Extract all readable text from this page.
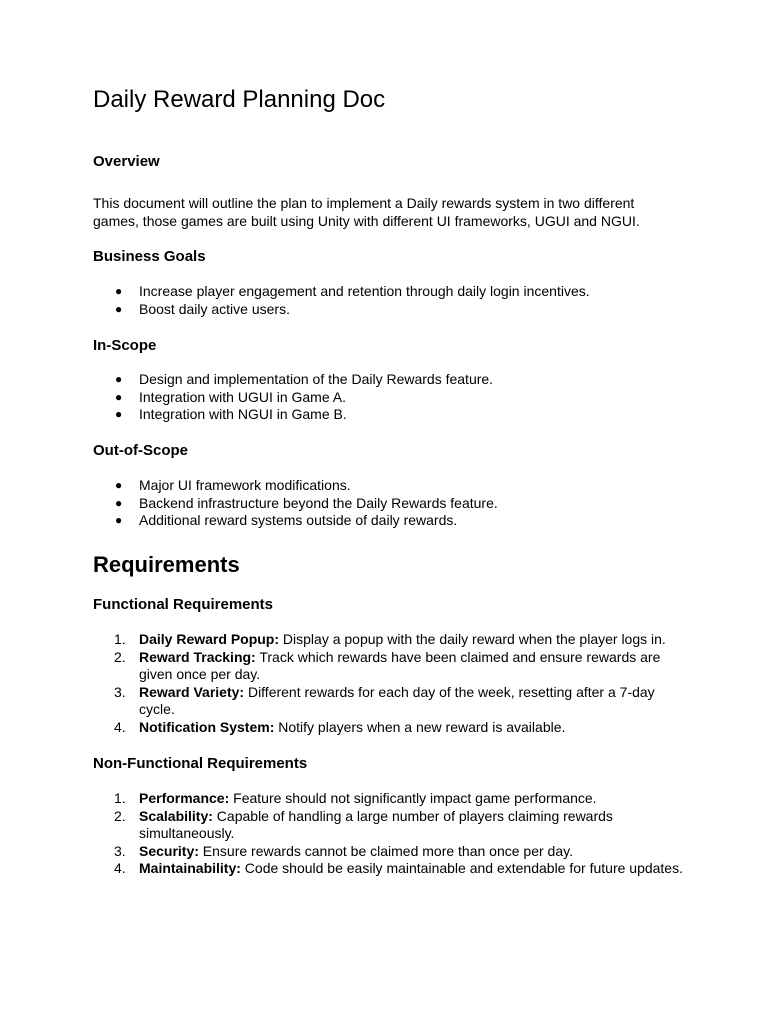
Daily Reward Planning Doc
Overview

This document will outline the plan to implement a Daily rewards system in two different games, those games are built using Unity with different UI frameworks, UGUI and NGUI.

Business Goals
● Increase player engagement and retention through daily login incentives.
● Boost daily active users.
In-Scope
● Design and implementation of the Daily Rewards feature.
● Integration with UGUI in Game A.
● Integration with NGUI in Game B.
Out-of-Scope
● Major UI framework modifications.
● Backend infrastructure beyond the Daily Rewards feature.
● Additional reward systems outside of daily rewards.
Requirements
Functional Requirements
1. Daily Reward Popup: Display a popup with the daily reward when the player logs in.
2. Reward Tracking: Track which rewards have been claimed and ensure rewards are given once per day.
3. Reward Variety: Different rewards for each day of the week, resetting after a 7-day cycle.
4. Notification System: Notify players when a new reward is available.
Non-Functional Requirements
1. Performance: Feature should not significantly impact game performance.
2. Scalability: Capable of handling a large number of players claiming rewards simultaneously.
3. Security: Ensure rewards cannot be claimed more than once per day.
4. Maintainability: Code should be easily maintainable and extendable for future updates.
